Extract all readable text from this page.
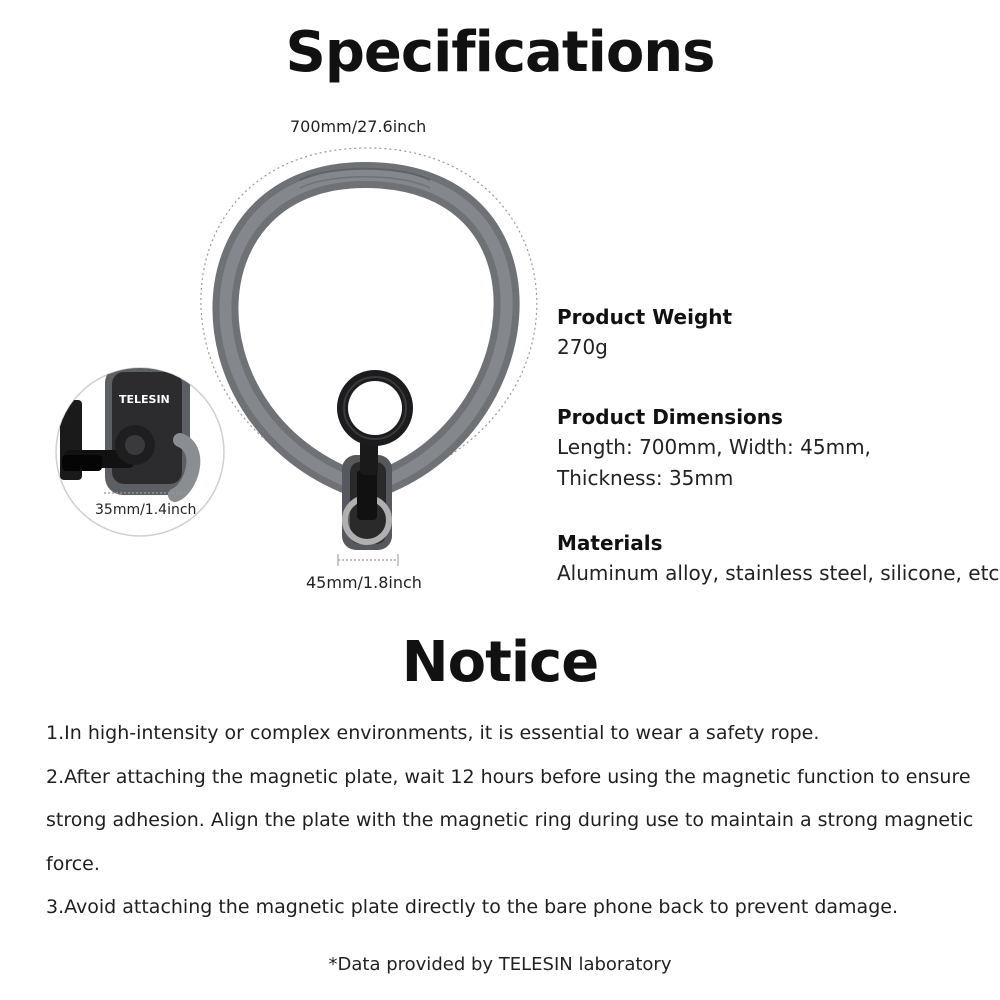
Specifications
TELESIN
700mm/27.6inch
35mm/1.4inch
45mm/1.8inch
Product Weight
270g
Product Dimensions
Length: 700mm, Width: 45mm,
Thickness: 35mm
Materials
Aluminum alloy, stainless steel, silicone, etc
Notice

1.In high-intensity or complex environments, it is essential to wear a safety rope.

2.After attaching the magnetic plate, wait 12 hours before using the magnetic function to ensure strong adhesion. Align the plate with the magnetic ring during use to maintain a strong magnetic force.

3.Avoid attaching the magnetic plate directly to the bare phone back to prevent damage.

*Data provided by TELESIN laboratory
